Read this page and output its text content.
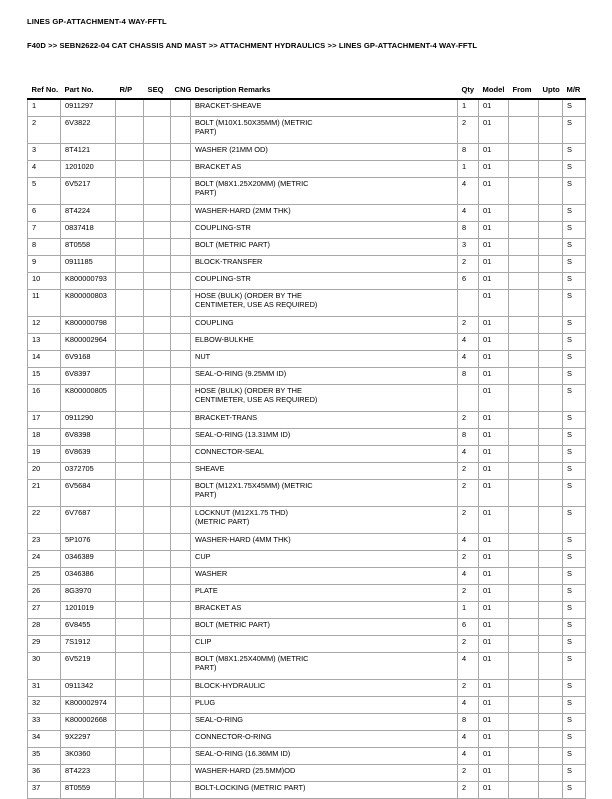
LINES GP-ATTACHMENT-4 WAY-FFTL
F40D >> SEBN2622-04 CAT CHASSIS AND MAST >> ATTACHMENT HYDRAULICS >> LINES GP-ATTACHMENT-4 WAY-FFTL
Ref No.	Part No.	R/P	SEQ	CNG	Description Remarks	Qty	Model	From	Upto	M/R
1	0911297				BRACKET-SHEAVE	1	01			S
2	6V3822				BOLT (M10X1.50X35MM) (METRIC
PART)	2	01			S
3	8T4121				WASHER (21MM OD)	8	01			S
4	1201020				BRACKET AS	1	01			S
5	6V5217				BOLT (M8X1.25X20MM) (METRIC
PART)	4	01			S
6	8T4224				WASHER-HARD (2MM THK)	4	01			S
7	0837418				COUPLING-STR	8	01			S
8	8T0558				BOLT (METRIC PART)	3	01			S
9	0911185				BLOCK-TRANSFER	2	01			S
10	K800000793				COUPLING-STR	6	01			S
11	K800000803				HOSE (BULK) (ORDER BY THE
CENTIMETER, USE AS REQUIRED)		01			S
12	K800000798				COUPLING	2	01			S
13	K800002964				ELBOW-BULKHE	4	01			S
14	6V9168				NUT	4	01			S
15	6V8397				SEAL-O-RING (9.25MM ID)	8	01			S
16	K800000805				HOSE (BULK) (ORDER BY THE
CENTIMETER, USE AS REQUIRED)		01			S
17	0911290				BRACKET-TRANS	2	01			S
18	6V8398				SEAL-O-RING (13.31MM ID)	8	01			S
19	6V8639				CONNECTOR-SEAL	4	01			S
20	0372705				SHEAVE	2	01			S
21	6V5684				BOLT (M12X1.75X45MM) (METRIC
PART)	2	01			S
22	6V7687				LOCKNUT (M12X1.75 THD)
(METRIC PART)	2	01			S
23	5P1076				WASHER-HARD (4MM THK)	4	01			S
24	0346389				CUP	2	01			S
25	0346386				WASHER	4	01			S
26	8G3970				PLATE	2	01			S
27	1201019				BRACKET AS	1	01			S
28	6V8455				BOLT (METRIC PART)	6	01			S
29	7S1912				CLIP	2	01			S
30	6V5219				BOLT (M8X1.25X40MM) (METRIC
PART)	4	01			S
31	0911342				BLOCK-HYDRAULIC	2	01			S
32	K800002974				PLUG	4	01			S
33	K800002668				SEAL-O-RING	8	01			S
34	9X2297				CONNECTOR-O-RING	4	01			S
35	3K0360				SEAL-O-RING (16.36MM ID)	4	01			S
36	8T4223				WASHER-HARD (25.5MM)OD	2	01			S
37	8T0559				BOLT-LOCKING (METRIC PART)	2	01			S
